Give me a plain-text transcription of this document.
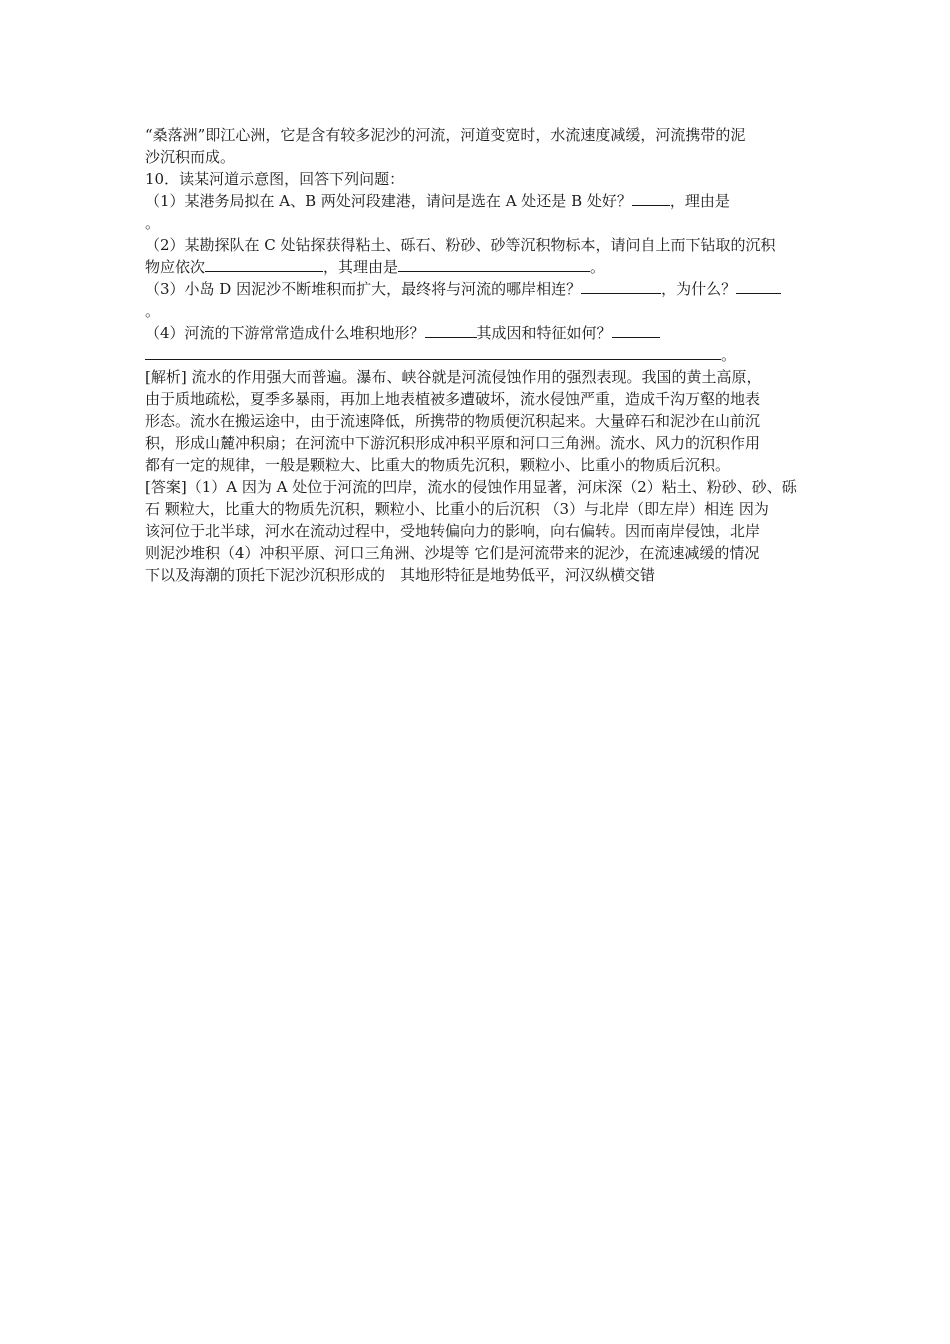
“桑落洲”即江心洲，它是含有较多泥沙的河流，河道变宽时，水流速度减缓，河流携带的泥
沙沉积而成。
10．读某河道示意图，回答下列问题：
（1）某港务局拟在 A、B 两处河段建港，请问是选在 A 处还是 B 处好？	，理由是
。
（2）某勘探队在 C 处钻探获得粘土、砾石、粉砂、砂等沉积物标本，请问自上而下钻取的沉积
物应依次	，其理由是	。
（3）小岛 D 因泥沙不断堆积而扩大，最终将与河流的哪岸相连？	，为什么？
。
（4）河流的下游常常造成什么堆积地形？	其成因和特征如何？
。
[解析] 流水的作用强大而普遍。瀑布、峡谷就是河流侵蚀作用的强烈表现。我国的黄土高原，
由于质地疏松，夏季多暴雨，再加上地表植被多遭破坏，流水侵蚀严重，造成千沟万壑的地表
形态。流水在搬运途中，由于流速降低，所携带的物质便沉积起来。大量碎石和泥沙在山前沉
积，形成山麓冲积扇；在河流中下游沉积形成冲积平原和河口三角洲。流水、风力的沉积作用
都有一定的规律，一般是颗粒大、比重大的物质先沉积，颗粒小、比重小的物质后沉积。
[答案]（1）A 因为 A 处位于河流的凹岸，流水的侵蚀作用显著，河床深（2）粘土、粉砂、砂、砾
石 颗粒大，比重大的物质先沉积，颗粒小、比重小的后沉积 （3）与北岸（即左岸）相连 因为
该河位于北半球，河水在流动过程中，受地转偏向力的影响，向右偏转。因而南岸侵蚀，北岸
则泥沙堆积（4）冲积平原、河口三角洲、沙堤等 它们是河流带来的泥沙，在流速减缓的情况
下以及海潮的顶托下泥沙沉积形成的　其地形特征是地势低平，河汉纵横交错
